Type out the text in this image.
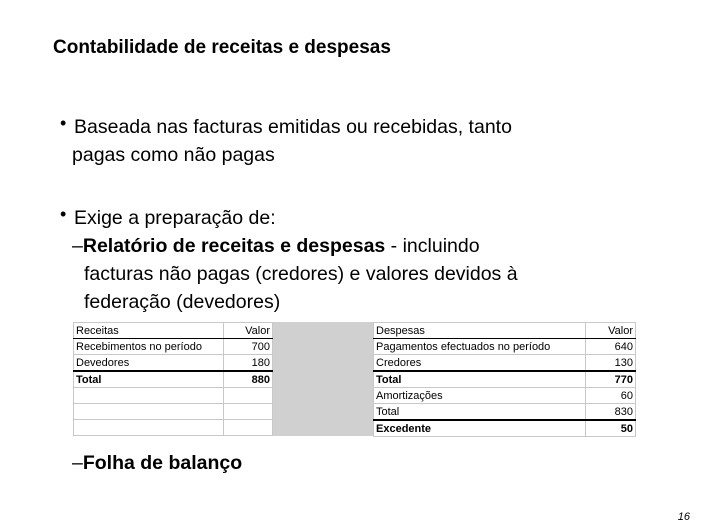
Contabilidade de receitas e despesas
• Baseada nas facturas emitidas ou recebidas, tanto
pagas como não pagas
• Exige a preparação de:
–Relatório de receitas e despesas - incluindo
facturas não pagas (credores) e valores devidos à
federação (devedores)
Receitas	Valor
Recebimentos no período	700
Devedores	180
Total	880

Despesas	Valor
Pagamentos efectuados no período	640
Credores	130
Total	770
Amortizações	60
Total	830
Excedente	50
–Folha de balanço
16
